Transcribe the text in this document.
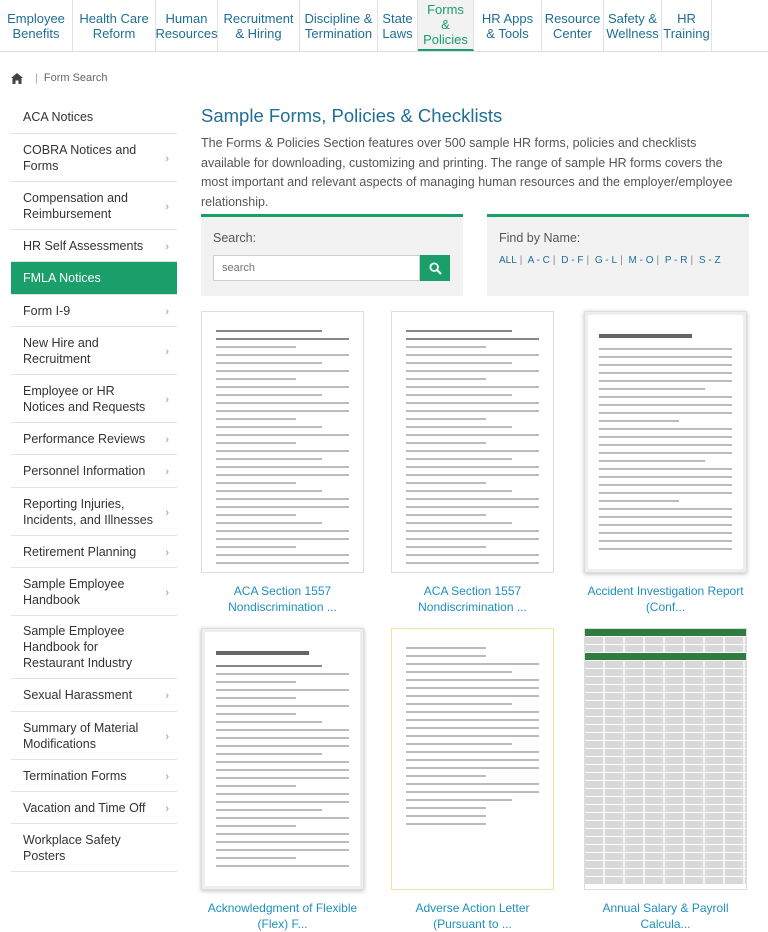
Employee Benefits
Health Care Reform
Human Resources
Recruitment & Hiring
Discipline & Termination
State Laws
Forms & Policies
HR Apps & Tools
Resource Center
Safety & Wellness
HR Training
| Form Search
ACA Notices
COBRA Notices and Forms	›
Compensation and Reimbursement	›
HR Self Assessments ›
FMLA Notices
Form I-9	›
New Hire and Recruitment	›
Employee or HR Notices and Requests	›
Performance Reviews ›
Personnel Information ›
Reporting Injuries, Incidents, and Illnesses ›
Retirement Planning	›
Sample Employee Handbook	›
Sample Employee Handbook for Restaurant Industry
Sexual Harassment	›
Summary of Material Modifications	›
Termination Forms	›
Vacation and Time Off ›
Workplace Safety Posters
Sample Forms, Policies & Checklists

The Forms & Policies Section features over 500 sample HR forms, policies and checklists available for downloading, customizing and printing. The range of sample HR forms covers the most important and relevant aspects of managing human resources and the employer/employee relationship.

Search:
search	Find by Name:
ALL | A - C | D - F | G - L | M - O | P - R | S - Z
ACA Section 1557 Nondiscrimination ...
ACA Section 1557 Nondiscrimination ...
Accident Investigation Report (Conf...
Acknowledgment of Flexible (Flex) F...
Adverse Action Letter (Pursuant to ...
Annual Salary & Payroll Calcula...
